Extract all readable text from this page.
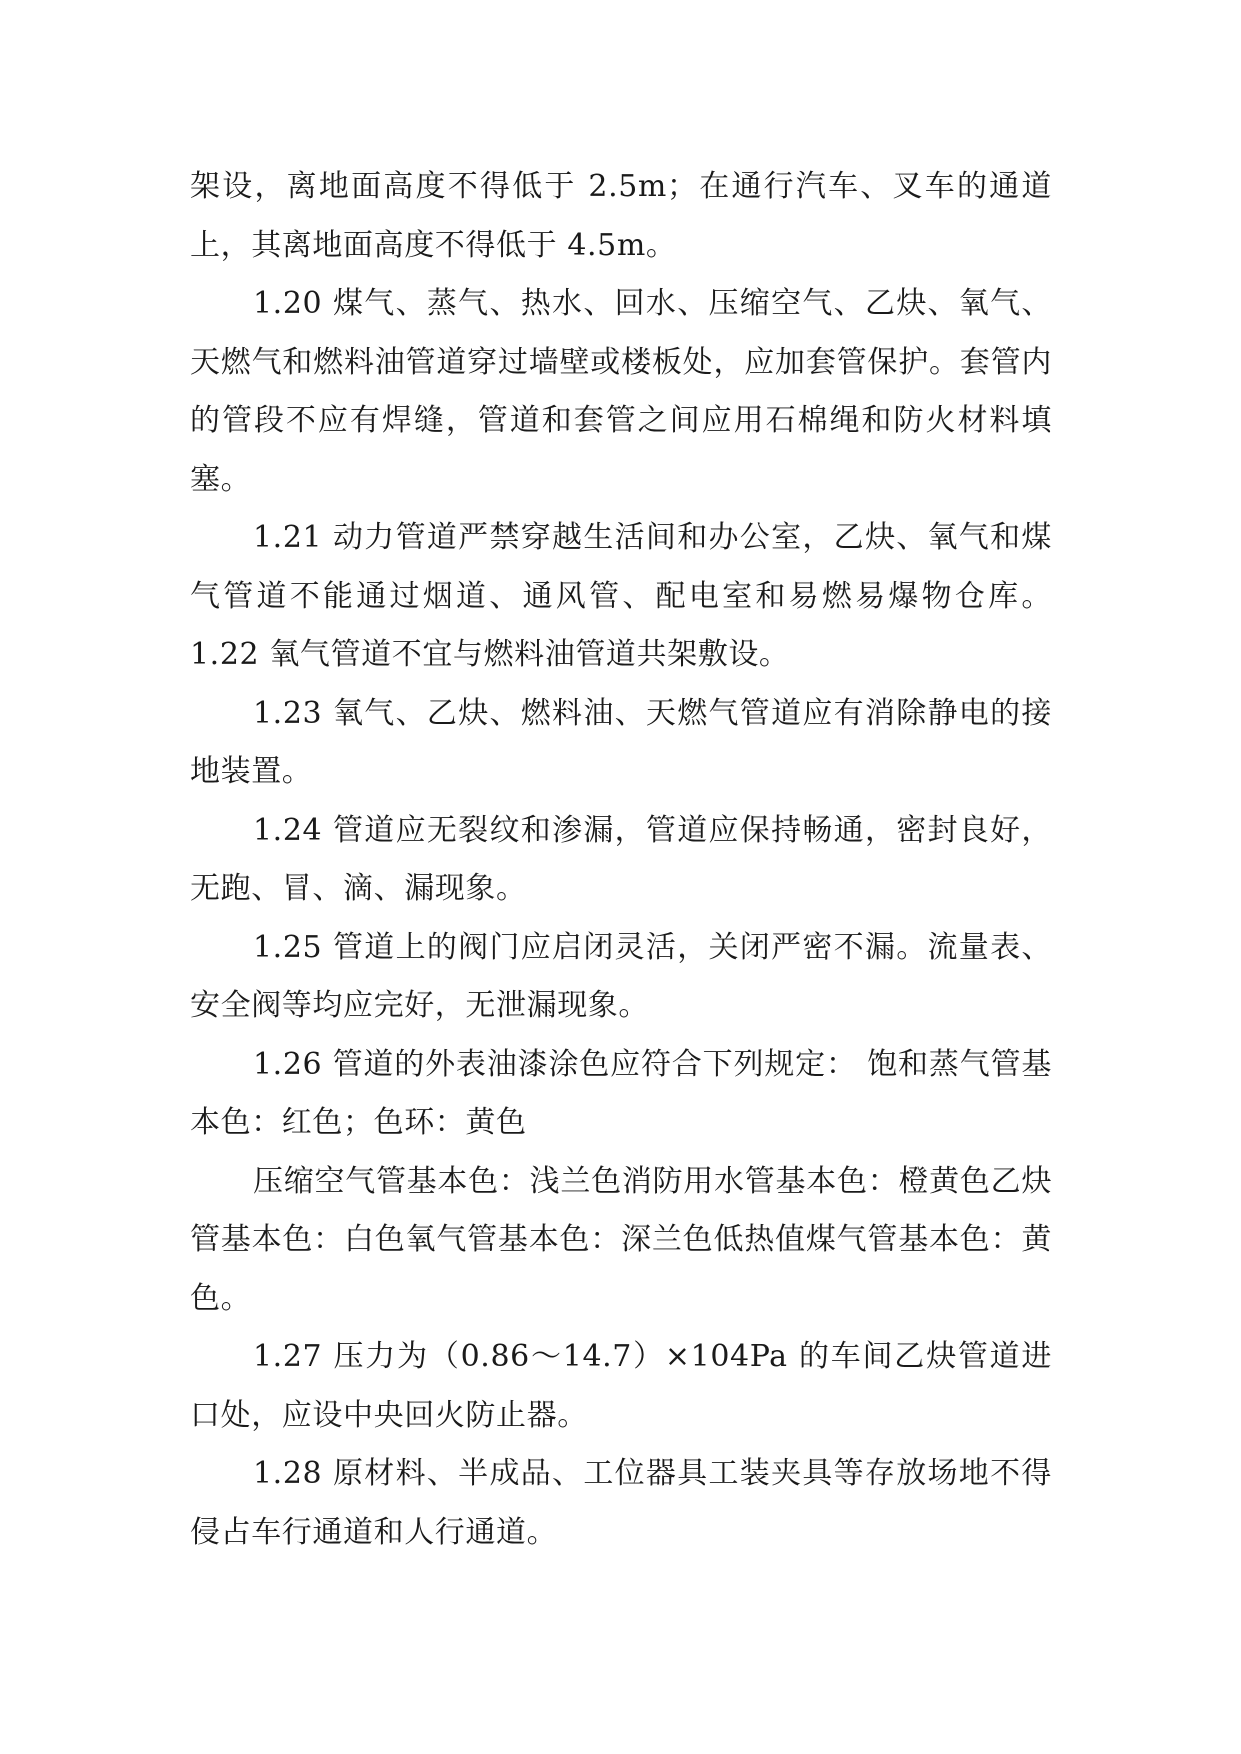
架设，离地面高度不得低于 2.5m；在通行汽车、叉车的通道上，其离地面高度不得低于 4.5m。

1.20 煤气、蒸气、热水、回水、压缩空气、乙炔、氧气、天燃气和燃料油管道穿过墙壁或楼板处，应加套管保护。套管内的管段不应有焊缝，管道和套管之间应用石棉绳和防火材料填塞。

1.21 动力管道严禁穿越生活间和办公室，乙炔、氧气和煤气管道不能通过烟道、通风管、配电室和易燃易爆物仓库。 1.22 氧气管道不宜与燃料油管道共架敷设。

1.23 氧气、乙炔、燃料油、天燃气管道应有消除静电的接地装置。

1.24 管道应无裂纹和渗漏，管道应保持畅通，密封良好，无跑、冒、滴、漏现象。

1.25 管道上的阀门应启闭灵活，关闭严密不漏。流量表、安全阀等均应完好，无泄漏现象。

1.26 管道的外表油漆涂色应符合下列规定： 饱和蒸气管基本色：红色；色环：黄色

压缩空气管基本色：浅兰色消防用水管基本色：橙黄色乙炔管基本色：白色氧气管基本色：深兰色低热值煤气管基本色：黄色。

1.27 压力为（0.86～14.7）×104Pa 的车间乙炔管道进口处，应设中央回火防止器。

1.28 原材料、半成品、工位器具工装夹具等存放场地不得侵占车行通道和人行通道。
